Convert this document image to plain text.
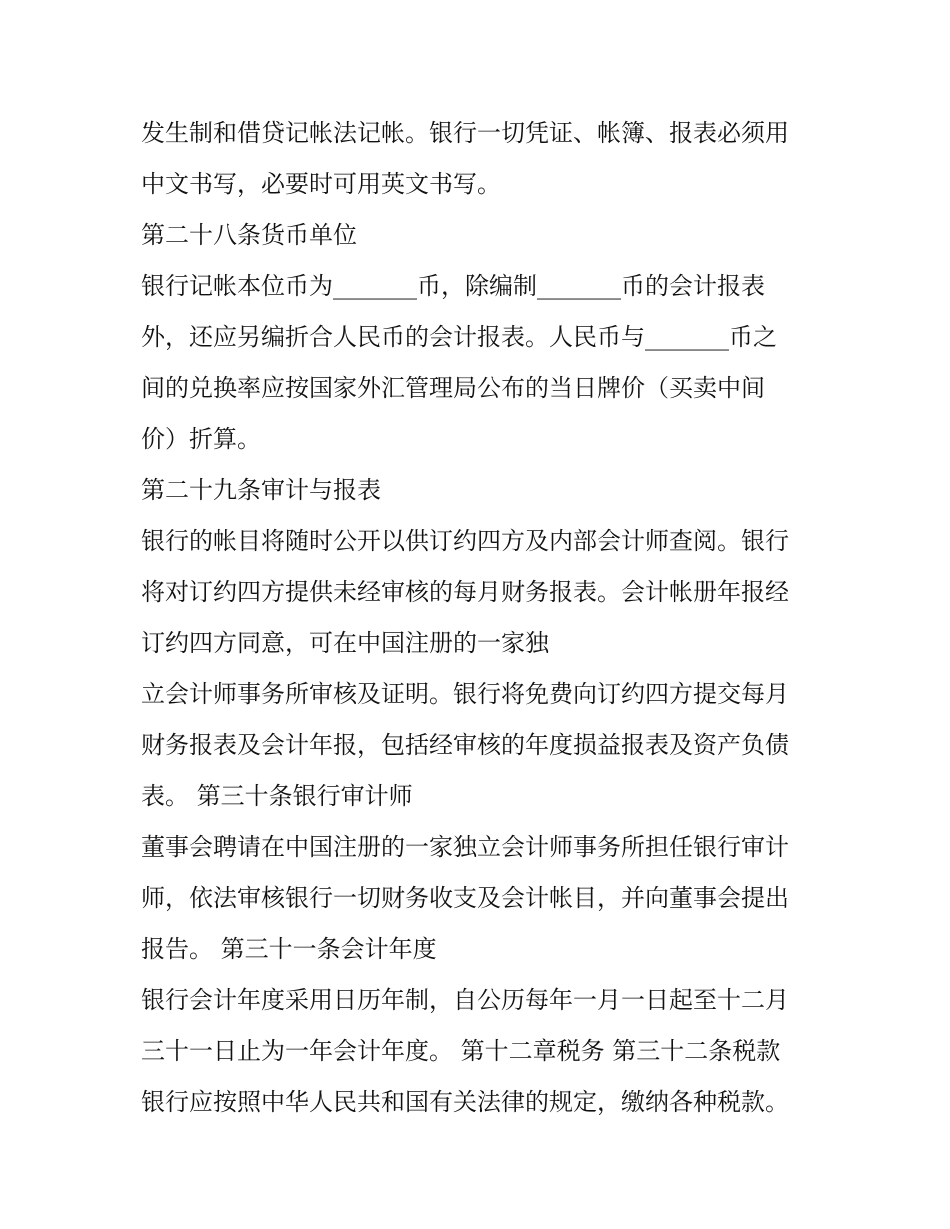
发生制和借贷记帐法记帐。银行一切凭证、帐簿、报表必须用
中文书写，必要时可用英文书写。
第二十八条货币单位
银行记帐本位币为_______币，除编制_______币的会计报表
外，还应另编折合人民币的会计报表。人民币与_______币之
间的兑换率应按国家外汇管理局公布的当日牌价（买卖中间
价）折算。
第二十九条审计与报表
银行的帐目将随时公开以供订约四方及内部会计师查阅。银行
将对订约四方提供未经审核的每月财务报表。会计帐册年报经
订约四方同意，可在中国注册的一家独
立会计师事务所审核及证明。银行将免费向订约四方提交每月
财务报表及会计年报，包括经审核的年度损益报表及资产负债
表。 第三十条银行审计师
董事会聘请在中国注册的一家独立会计师事务所担任银行审计
师，依法审核银行一切财务收支及会计帐目，并向董事会提出
报告。 第三十一条会计年度
银行会计年度采用日历年制，自公历每年一月一日起至十二月
三十一日止为一年会计年度。 第十二章税务 第三十二条税款
银行应按照中华人民共和国有关法律的规定，缴纳各种税款。
